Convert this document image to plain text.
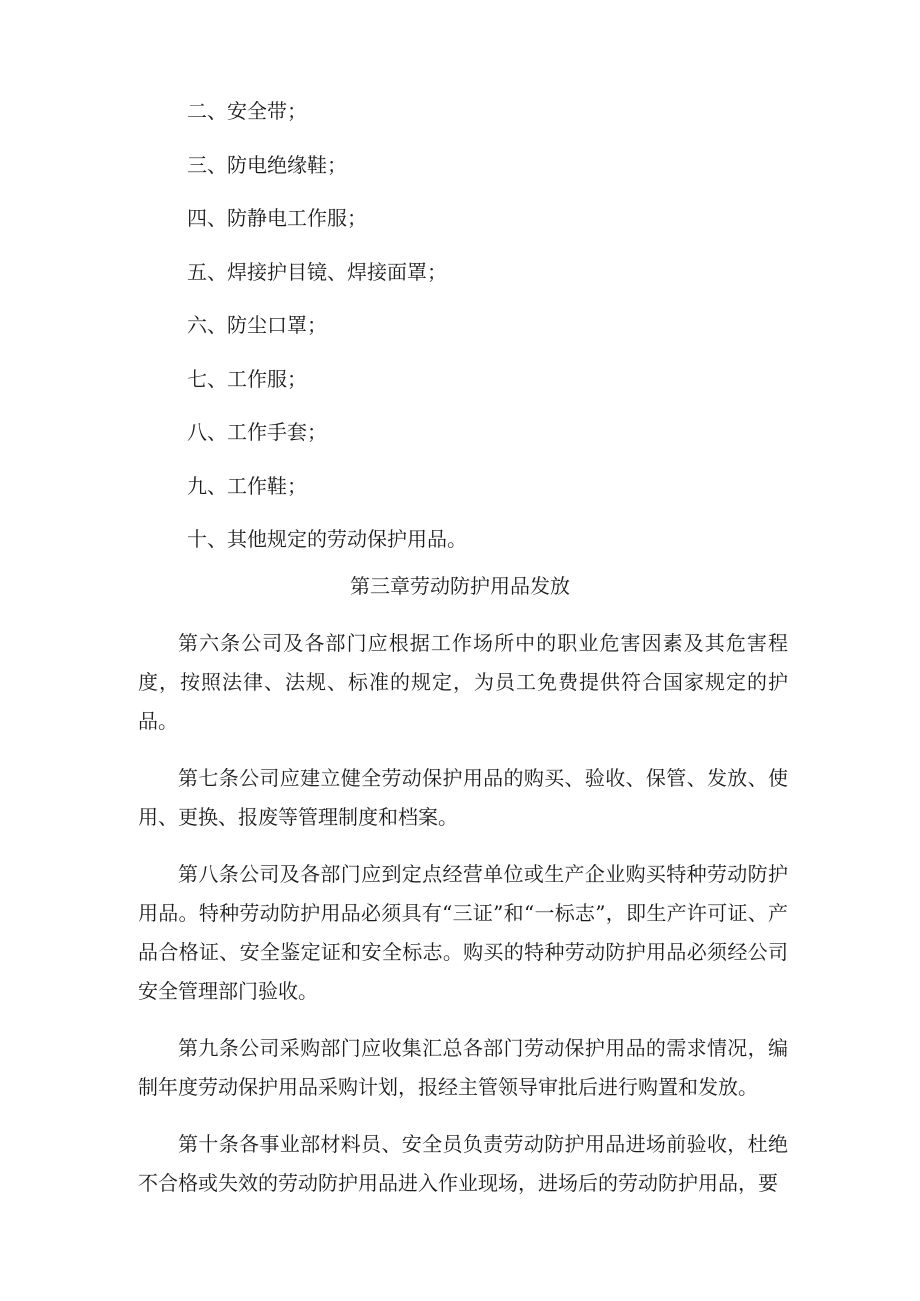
二、安全带；
三、防电绝缘鞋；
四、防静电工作服；
五、焊接护目镜、焊接面罩；
六、防尘口罩；
七、工作服；
八、工作手套；
九、工作鞋；
十、其他规定的劳动保护用品。
第三章劳动防护用品发放

第六条公司及各部门应根据工作场所中的职业危害因素及其危害程度，按照法律、法规、标准的规定，为员工免费提供符合国家规定的护品。

第七条公司应建立健全劳动保护用品的购买、验收、保管、发放、使用、更换、报废等管理制度和档案。

第八条公司及各部门应到定点经营单位或生产企业购买特种劳动防护用品。特种劳动防护用品必须具有“三证”和“一标志”，即生产许可证、产品合格证、安全鉴定证和安全标志。购买的特种劳动防护用品必须经公司安全管理部门验收。

第九条公司采购部门应收集汇总各部门劳动保护用品的需求情况，编制年度劳动保护用品采购计划，报经主管领导审批后进行购置和发放。

第十条各事业部材料员、安全员负责劳动防护用品进场前验收，杜绝不合格或失效的劳动防护用品进入作业现场，进场后的劳动防护用品，要
